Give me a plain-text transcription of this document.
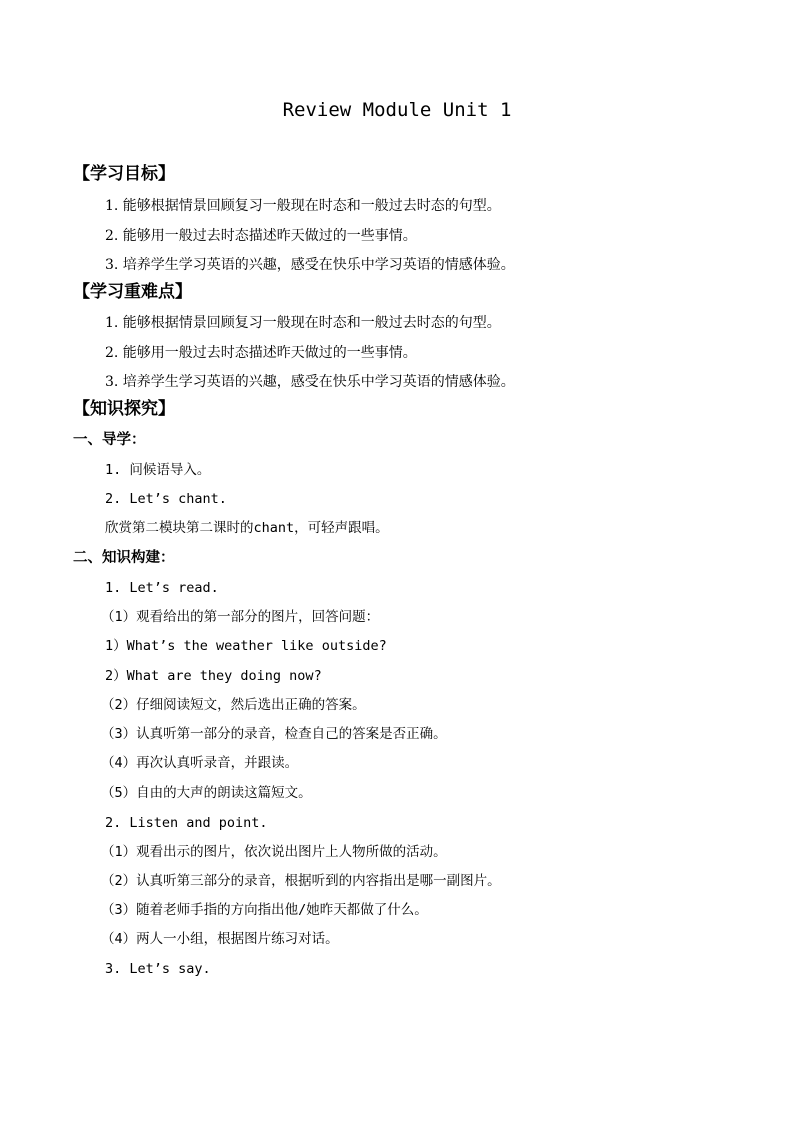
Review Module Unit 1
【学习目标】
1. 能够根据情景回顾复习一般现在时态和一般过去时态的句型。
2. 能够用一般过去时态描述昨天做过的一些事情。
3. 培养学生学习英语的兴趣，感受在快乐中学习英语的情感体验。
【学习重难点】
1. 能够根据情景回顾复习一般现在时态和一般过去时态的句型。
2. 能够用一般过去时态描述昨天做过的一些事情。
3. 培养学生学习英语的兴趣，感受在快乐中学习英语的情感体验。
【知识探究】
一、导学：
1. 问候语导入。
2. Let’s chant.
欣赏第二模块第二课时的chant，可轻声跟唱。
二、知识构建：
1. Let’s read.
（1）观看给出的第一部分的图片，回答问题：
1）What’s the weather like outside?
2）What are they doing now?
（2）仔细阅读短文，然后选出正确的答案。
（3）认真听第一部分的录音，检查自己的答案是否正确。
（4）再次认真听录音，并跟读。
（5）自由的大声的朗读这篇短文。
2. Listen and point.
（1）观看出示的图片，依次说出图片上人物所做的活动。
（2）认真听第三部分的录音，根据听到的内容指出是哪一副图片。
（3）随着老师手指的方向指出他/她昨天都做了什么。
（4）两人一小组，根据图片练习对话。
3. Let’s say.
